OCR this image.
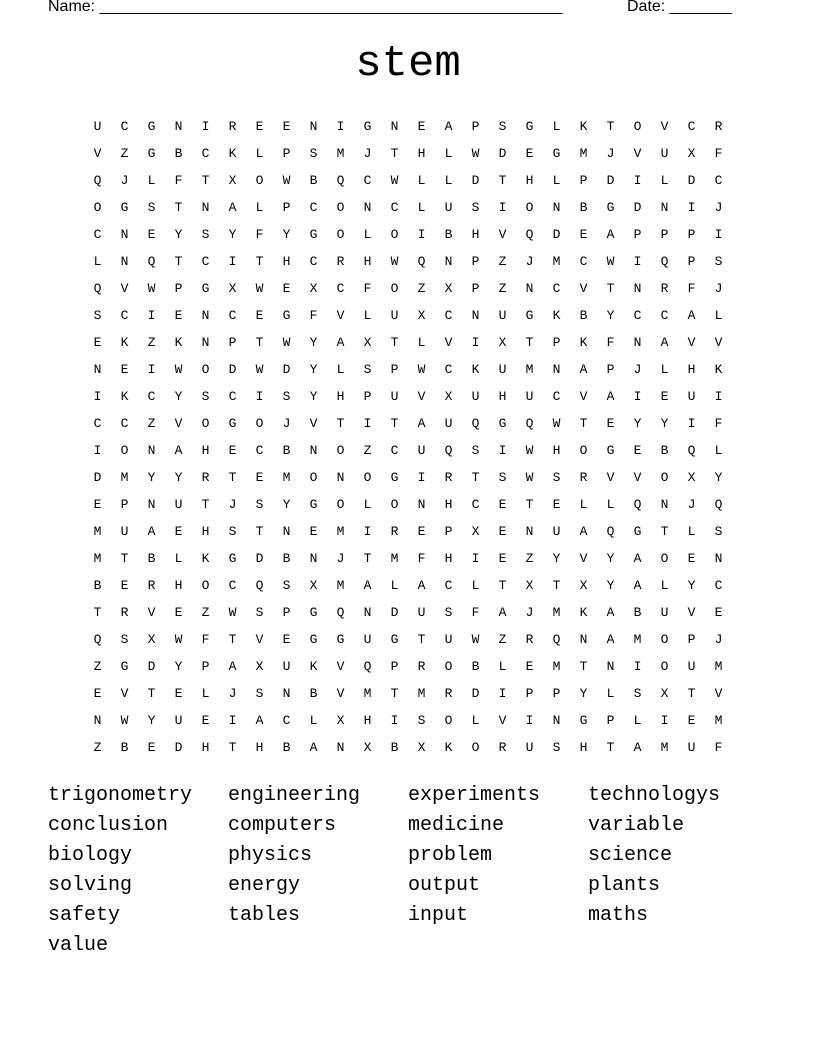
Name: ____________________________________________________	Date: _______
stem
U	C	G	N	I	R	E	E	N	I	G	N	E	A	P	S	G	L	K	T	O	V	C	R
V	Z	G	B	C	K	L	P	S	M	J	T	H	L	W	D	E	G	M	J	V	U	X	F
Q	J	L	F	T	X	O	W	B	Q	C	W	L	L	D	T	H	L	P	D	I	L	D	C
O	G	S	T	N	A	L	P	C	O	N	C	L	U	S	I	O	N	B	G	D	N	I	J
C	N	E	Y	S	Y	F	Y	G	O	L	O	I	B	H	V	Q	D	E	A	P	P	P	I
L	N	Q	T	C	I	T	H	C	R	H	W	Q	N	P	Z	J	M	C	W	I	Q	P	S
Q	V	W	P	G	X	W	E	X	C	F	O	Z	X	P	Z	N	C	V	T	N	R	F	J
S	C	I	E	N	C	E	G	F	V	L	U	X	C	N	U	G	K	B	Y	C	C	A	L
E	K	Z	K	N	P	T	W	Y	A	X	T	L	V	I	X	T	P	K	F	N	A	V	V
N	E	I	W	O	D	W	D	Y	L	S	P	W	C	K	U	M	N	A	P	J	L	H	K
I	K	C	Y	S	C	I	S	Y	H	P	U	V	X	U	H	U	C	V	A	I	E	U	I
C	C	Z	V	O	G	O	J	V	T	I	T	A	U	Q	G	Q	W	T	E	Y	Y	I	F
I	O	N	A	H	E	C	B	N	O	Z	C	U	Q	S	I	W	H	O	G	E	B	Q	L
D	M	Y	Y	R	T	E	M	O	N	O	G	I	R	T	S	W	S	R	V	V	O	X	Y
E	P	N	U	T	J	S	Y	G	O	L	O	N	H	C	E	T	E	L	L	Q	N	J	Q
M	U	A	E	H	S	T	N	E	M	I	R	E	P	X	E	N	U	A	Q	G	T	L	S
M	T	B	L	K	G	D	B	N	J	T	M	F	H	I	E	Z	Y	V	Y	A	O	E	N
B	E	R	H	O	C	Q	S	X	M	A	L	A	C	L	T	X	T	X	Y	A	L	Y	C
T	R	V	E	Z	W	S	P	G	Q	N	D	U	S	F	A	J	M	K	A	B	U	V	E
Q	S	X	W	F	T	V	E	G	G	U	G	T	U	W	Z	R	Q	N	A	M	O	P	J
Z	G	D	Y	P	A	X	U	K	V	Q	P	R	O	B	L	E	M	T	N	I	O	U	M
E	V	T	E	L	J	S	N	B	V	M	T	M	R	D	I	P	P	Y	L	S	X	T	V
N	W	Y	U	E	I	A	C	L	X	H	I	S	O	L	V	I	N	G	P	L	I	E	M
Z	B	E	D	H	T	H	B	A	N	X	B	X	K	O	R	U	S	H	T	A	M	U	F
trigonometry	engineering	experiments	technologys
conclusion	computers	medicine	variable
biology	physics	problem	science
solving	energy	output	plants
safety	tables	input	maths
value
